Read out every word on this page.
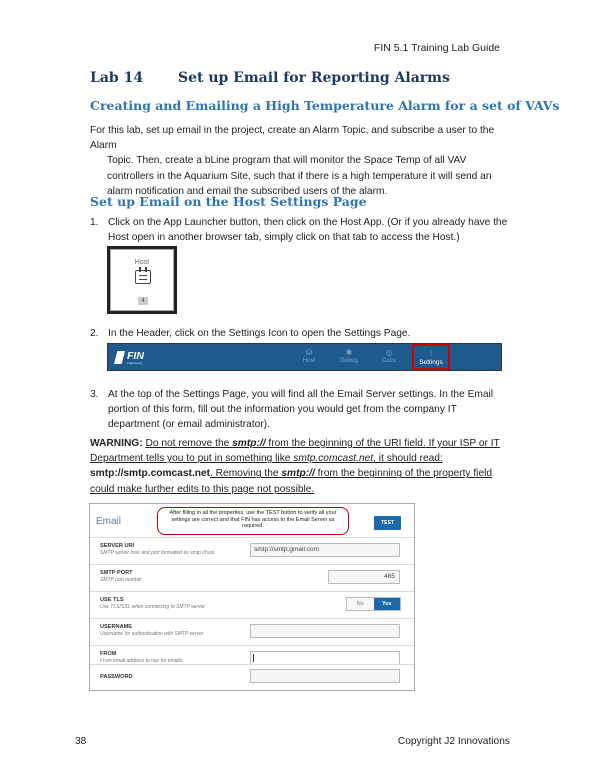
FIN 5.1 Training Lab Guide
Lab 14 Set up Email for Reporting Alarms
Creating and Emailing a High Temperature Alarm for a set of VAVs
For this lab, set up email in the project, create an Alarm Topic, and subscribe a user to the Alarm
Topic. Then, create a bLine program that will monitor the Space Temp of all VAV controllers in the Aquarium Site, such that if there is a high temperature it will send an alarm notification and email the subscribed users of the alarm.
Set up Email on the Host Settings Page
1. Click on the App Launcher button, then click on the Host App. (Or if you already have the Host open in another browser tab, simply click on that tab to access the Host.)
Host
4
2. In the Header, click on the Settings Icon to open the Settings Page.
FIN
Framework
⛁
Host
✱
Debug
◎
Docs
⫶
Settings
3. At the top of the Settings Page, you will find all the Email Server settings. In the Email portion of this form, fill out the information you would get from the company IT department (or email administrator).
WARNING: Do not remove the smtp:// from the beginning of the URI field. If your ISP or IT Department tells you to put in something like smtp.comcast.net, it should read: smtp://smtp.comcast.net. Removing the smtp:// from the beginning of the property field could make further edits to this page not possible.
Email
After filling in all the properties, use the TEST button to verify all your settings are correct and that FIN has access to the Email Server as required.
TEST
SERVER URI
SMTP server host and port formatted as smtp://host	smtp://smtp.gmail.com
SMTP PORT
SMTP port number	465
USE TLS
Use TLS/SSL when connecting to SMTP server	No	Yes
USERNAME
Username for authentication with SMTP server
FROM
From email address to use for emails
PASSWORD
38	Copyright J2 Innovations
